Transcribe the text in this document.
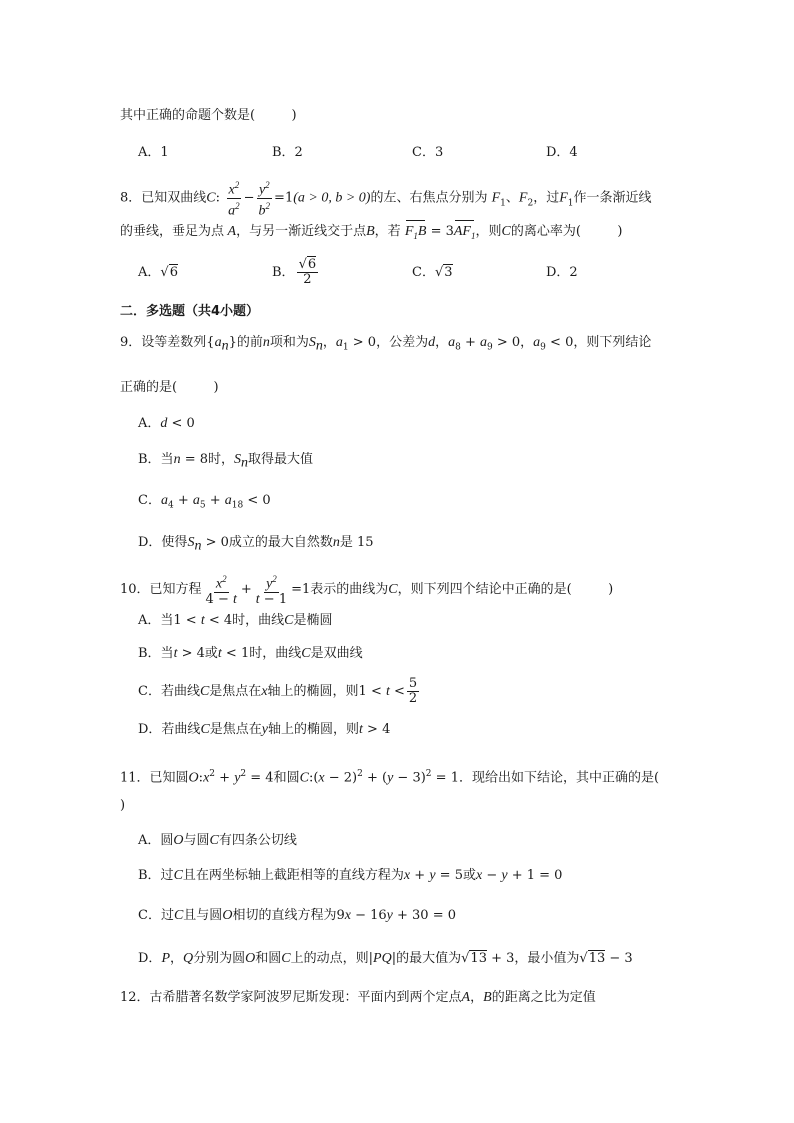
其中正确的命题个数是(	)
A．1	B．2	C．3	D．4
8．已知双曲线C: $\frac{x^2}{a^2} - \frac{y^2}{b^2} =1(a > 0$, b > 0)的左、右焦点分别为 $F_1$、$F_2$，过$F_1$作一条渐近线
的垂线，垂足为点 A，与另一渐近线交于点B，若 $F_1B = 3AF_1$，则C的离心率为(	)
A．√6	B． $\frac{√6}{2}$	C．√3	D．2
二．多选题（共4小题）
9．设等差数列$\{a_n\}$的前n项和为$S_n$，$a_1 > 0$，公差为d，$a_8 + a_9 > 0$，$a_9 < 0$，则下列结论
正确的是(	)
A．d < 0
B．当n = 8时，$S_n$取得最大值
C．$a_4 + a_5 + a_{18} < 0$
D．使得$S_n > 0$成立的最大自然数n是 15
10．已知方程 $\frac{x^2}{4 - t} + \frac{y^2}{t - 1} =1$表示的曲线为C，则下列四个结论中正确的是(	)
A．当1 < t < 4时，曲线C是椭圆
B．当t > 4或t < 1时，曲线C是双曲线
C．若曲线C是焦点在x轴上的椭圆，则$1 < t < \frac{5}{2}$
D．若曲线C是焦点在y轴上的椭圆，则t > 4
11．已知圆$O:x^2 + y^2 = 4$和圆C:(x − $2)^2 + (y - 3)^2 = 1$．现给出如下结论，其中正确的是(
)
A．圆O与圆C有四条公切线
B．过C且在两坐标轴上截距相等的直线方程为x + y = 5或x − y + 1 = 0
C．过C且与圆O相切的直线方程为9x − 16y + 30 = 0
D．P，Q分别为圆O和圆C上的动点，则|PQ|的最大值为√13 + 3，最小值为√13 − 3
12．古希腊著名数学家阿波罗尼斯发现：平面内到两个定点A，B的距离之比为定值
